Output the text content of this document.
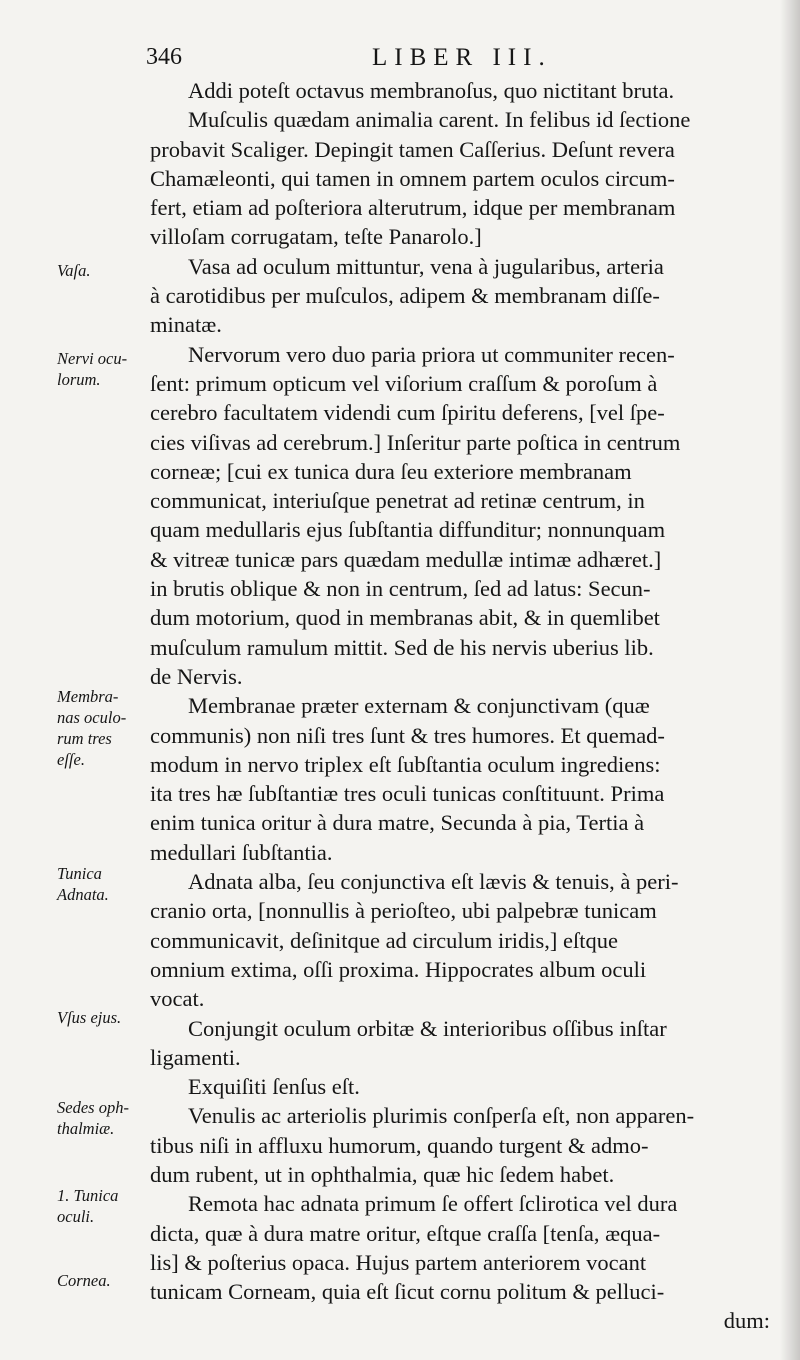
346	LIBER III.
Addi poteſt octavus membranoſus, quo nictitant bruta.
Muſculis quædam animalia carent. In felibus id ſectione
probavit Scaliger. Depingit tamen Caſſerius. Deſunt revera
Chamæleonti, qui tamen in omnem partem oculos circum-
fert, etiam ad poſteriora alterutrum, idque per membranam
villoſam corrugatam, teſte Panarolo.]
Vasa ad oculum mittuntur, vena à jugularibus, arteria
à carotidibus per muſculos, adipem & membranam diſſe-
minatæ.
Nervorum vero duo paria priora ut communiter recen-
ſent: primum opticum vel viſorium craſſum & poroſum à
cerebro facultatem videndi cum ſpiritu deferens, [vel ſpe-
cies viſivas ad cerebrum.] Inſeritur parte poſtica in centrum
corneæ; [cui ex tunica dura ſeu exteriore membranam
communicat, interiuſque penetrat ad retinæ centrum, in
quam medullaris ejus ſubſtantia diffunditur; nonnunquam
& vitreæ tunicæ pars quædam medullæ intimæ adhæret.]
in brutis oblique & non in centrum, ſed ad latus: Secun-
dum motorium, quod in membranas abit, & in quemlibet
muſculum ramulum mittit. Sed de his nervis uberius lib.
de Nervis.
Membranae præter externam & conjunctivam (quæ
communis) non niſi tres ſunt & tres humores. Et quemad-
modum in nervo triplex eſt ſubſtantia oculum ingrediens:
ita tres hæ ſubſtantiæ tres oculi tunicas conſtituunt. Prima
enim tunica oritur à dura matre, Secunda à pia, Tertia à
medullari ſubſtantia.
Adnata alba, ſeu conjunctiva eſt lævis & tenuis, à peri-
cranio orta, [nonnullis à perioſteo, ubi palpebræ tunicam
communicavit, deſinitque ad circulum iridis,] eſtque
omnium extima, oſſi proxima. Hippocrates album oculi
vocat.
Conjungit oculum orbitæ & interioribus oſſibus inſtar
ligamenti.
Exquiſiti ſenſus eſt.
Venulis ac arteriolis plurimis conſperſa eſt, non apparen-
tibus niſi in affluxu humorum, quando turgent & admo-
dum rubent, ut in ophthalmia, quæ hic ſedem habet.
Remota hac adnata primum ſe offert ſclirotica vel dura
dicta, quæ à dura matre oritur, eſtque craſſa [tenſa, æqua-
lis] & poſterius opaca. Hujus partem anteriorem vocant
tunicam Corneam, quia eſt ſicut cornu politum & pelluci-
dum:
Vaſa.
Nervi ocu-
lorum.
Membra-
nas oculo-
rum tres
eſſe.
Tunica
Adnata.
Vſus ejus.
Sedes oph-
thalmiæ.
1. Tunica
oculi.
Cornea.
